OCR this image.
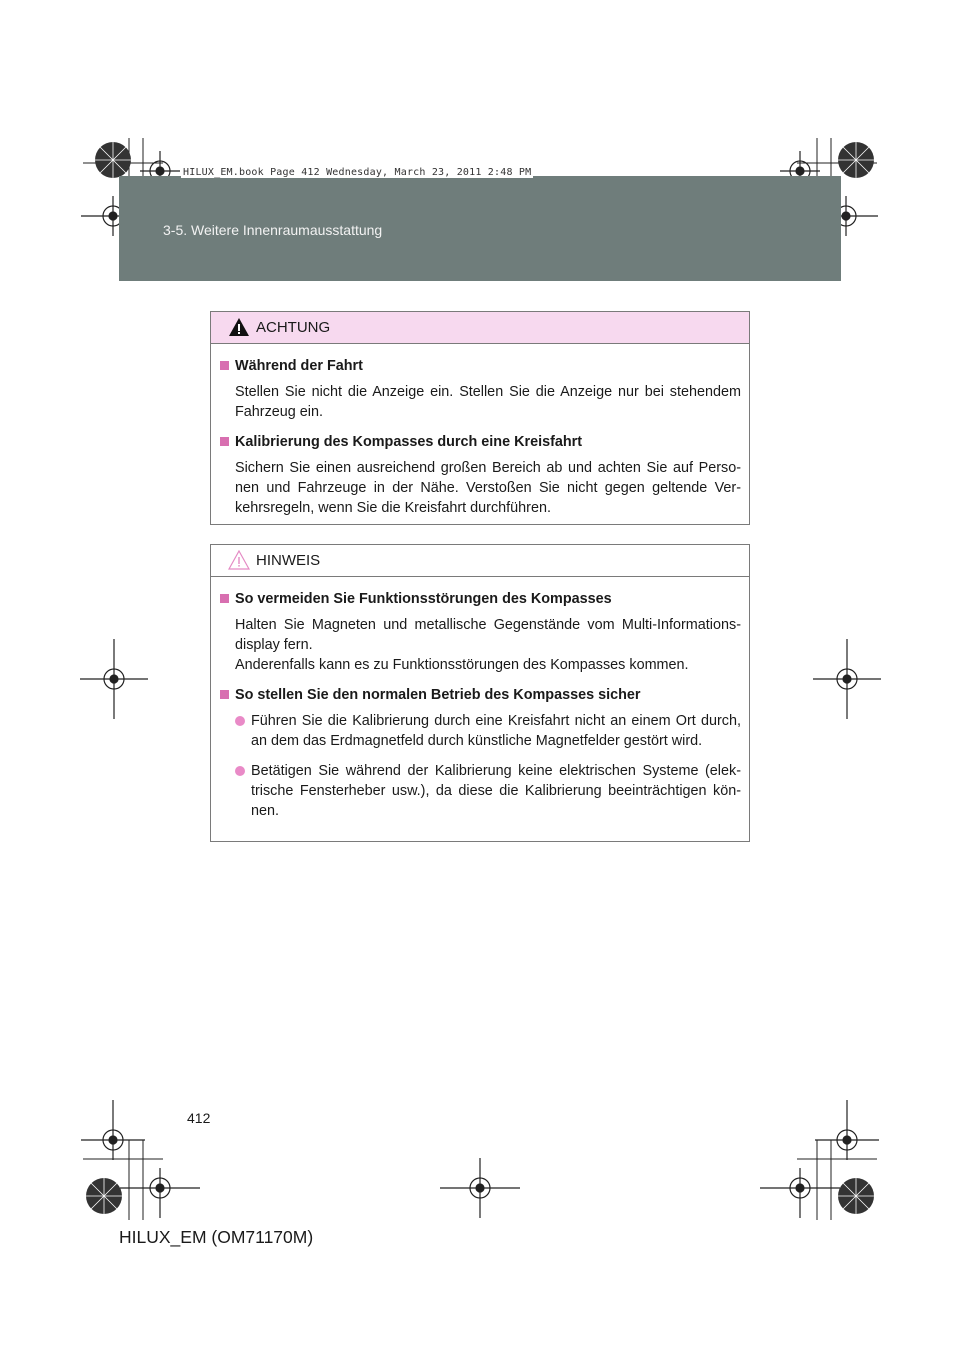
3-5. Weitere Innenraumausstattung
HILUX_EM.book Page 412 Wednesday, March 23, 2011 2:48 PM
ACHTUNG
Während der Fahrt
Stellen Sie nicht die Anzeige ein. Stellen Sie die Anzeige nur bei stehendem Fahrzeug ein.
Kalibrierung des Kompasses durch eine Kreisfahrt
Sichern Sie einen ausreichend großen Bereich ab und achten Sie auf Perso-nen und Fahrzeuge in der Nähe. Verstoßen Sie nicht gegen geltende Ver-kehrsregeln, wenn Sie die Kreisfahrt durchführen.
HINWEIS
So vermeiden Sie Funktionsstörungen des Kompasses
Halten Sie Magneten und metallische Gegenstände vom Multi-Informations-display fern.
Anderenfalls kann es zu Funktionsstörungen des Kompasses kommen.
So stellen Sie den normalen Betrieb des Kompasses sicher
Führen Sie die Kalibrierung durch eine Kreisfahrt nicht an einem Ort durch, an dem das Erdmagnetfeld durch künstliche Magnetfelder gestört wird.
Betätigen Sie während der Kalibrierung keine elektrischen Systeme (elek-trische Fensterheber usw.), da diese die Kalibrierung beeinträchtigen kön-nen.
412
HILUX_EM (OM71170M)
